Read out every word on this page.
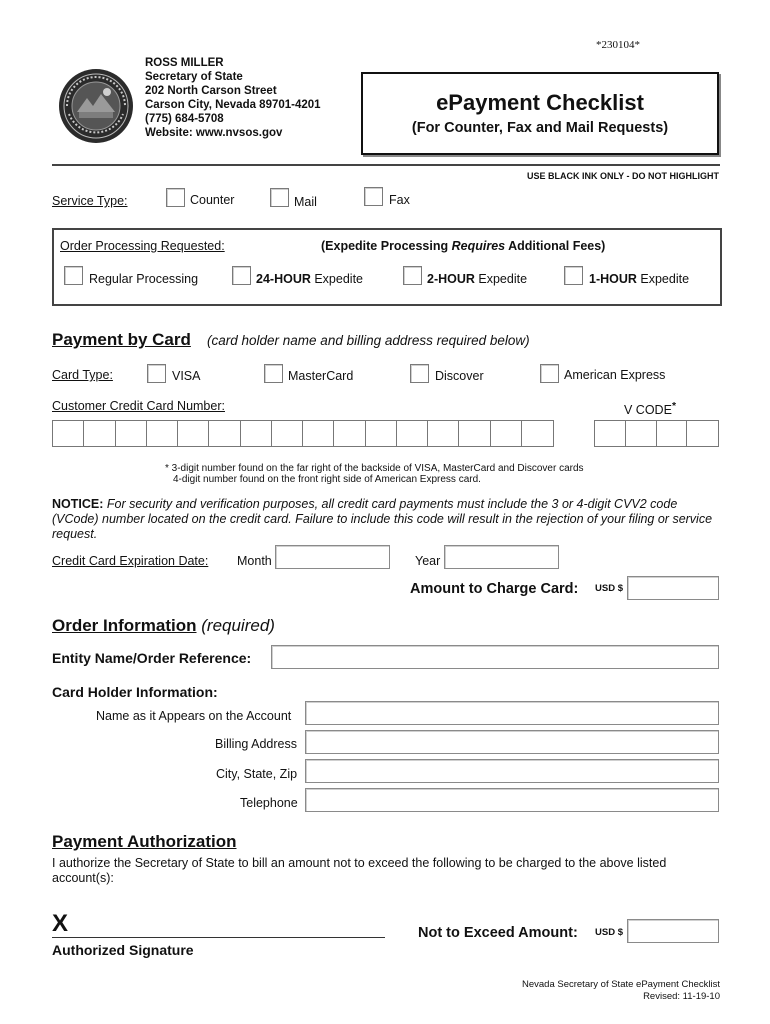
*230104*
ROSS MILLER
Secretary of State
202 North Carson Street
Carson City, Nevada 89701-4201
(775) 684-5708
Website: www.nvsos.gov
ePayment Checklist
(For Counter, Fax and Mail Requests)
USE BLACK INK ONLY - DO NOT HIGHLIGHT
Service Type:	Counter	Mail	Fax
Order Processing Requested:	(Expedite Processing Requires Additional Fees)
Regular Processing	24-HOUR Expedite	2-HOUR Expedite	1-HOUR Expedite
Payment by Card (card holder name and billing address required below)
Card Type:	VISA	MasterCard	Discover	American Express
Customer Credit Card Number:	V CODE*
* 3-digit number found on the far right of the backside of VISA, MasterCard and Discover cards
4-digit number found on the front right side of American Express card.
NOTICE: For security and verification purposes, all credit card payments must include the 3 or 4-digit CVV2 code (VCode) number located on the credit card. Failure to include this code will result in the rejection of your filing or service request.
Credit Card Expiration Date: Month	Year
Amount to Charge Card: USD $
Order Information (required)
Entity Name/Order Reference:
Card Holder Information:
Name as it Appears on the Account
Billing Address
City, State, Zip
Telephone
Payment Authorization
I authorize the Secretary of State to bill an amount not to exceed the following to be charged to the above listed account(s):
X
Authorized Signature
Not to Exceed Amount: USD $
Nevada Secretary of State ePayment Checklist
Revised: 11-19-10
